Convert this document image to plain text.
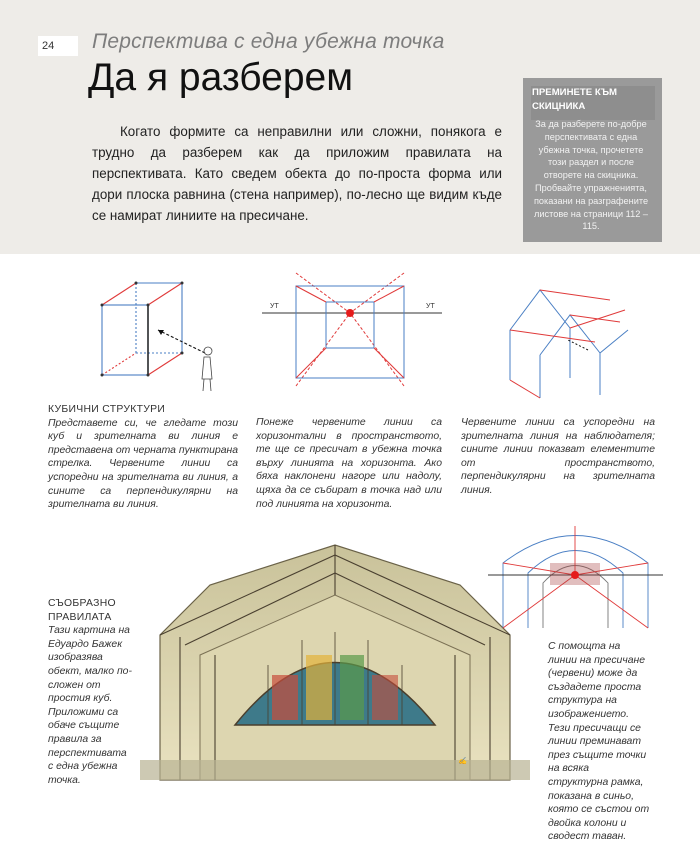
24	Перспектива с една убежна точка
Да я разберем
Когато формите са неправилни или сложни, понякога е трудно да разберем как да приложим правилата на перспективата. Като сведем обекта до по-проста форма или дори плоска равнина (стена например), по-лесно ще видим къде се намират линиите на пресичане.
ПРЕМИНЕТЕ КЪМ СКИЦНИКА
За да разберете по-добре перспективата с една убежна точка, прочетете този раздел и после отворете на скицника. Пробвайте упражненията, показани на разграфените листове на страници 112 – 115.
УТ	УТ
✍
КУБИЧНИ СТРУКТУРИ
Представете си, че гледате този куб и зрителната ви линия е представена от черната пунктирана стрелка. Червените линии са успоредни на зрителната ви линия, а сините са перпендикулярни на зрителната ви линия.
Понеже червените линии са хоризонтални в пространството, те ще се пресичат в убежна точка върху линията на хоризонта. Ако бяха наклонени нагоре или надолу, щяха да се събират в точка над или под линията на хоризонта.
Червените линии са успоредни на зрителната линия на наблюдателя; сините линии показват елементите от пространството, перпендикулярни на зрителната линия.
СЪОБРАЗНО ПРАВИЛАТА
Тази картина на Едуардо Бажек изобразява обект, малко по-сложен от простия куб. Приложими са обаче същите правила за перспективата с една убежна точка.
С помощта на линии на пресичане (червени) може да създадете проста структура на изображението. Тези пресичащи се линии преминават през същите точки на всяка структурна рамка, показана в синьо, която се състои от двойка колони и сводест таван.
